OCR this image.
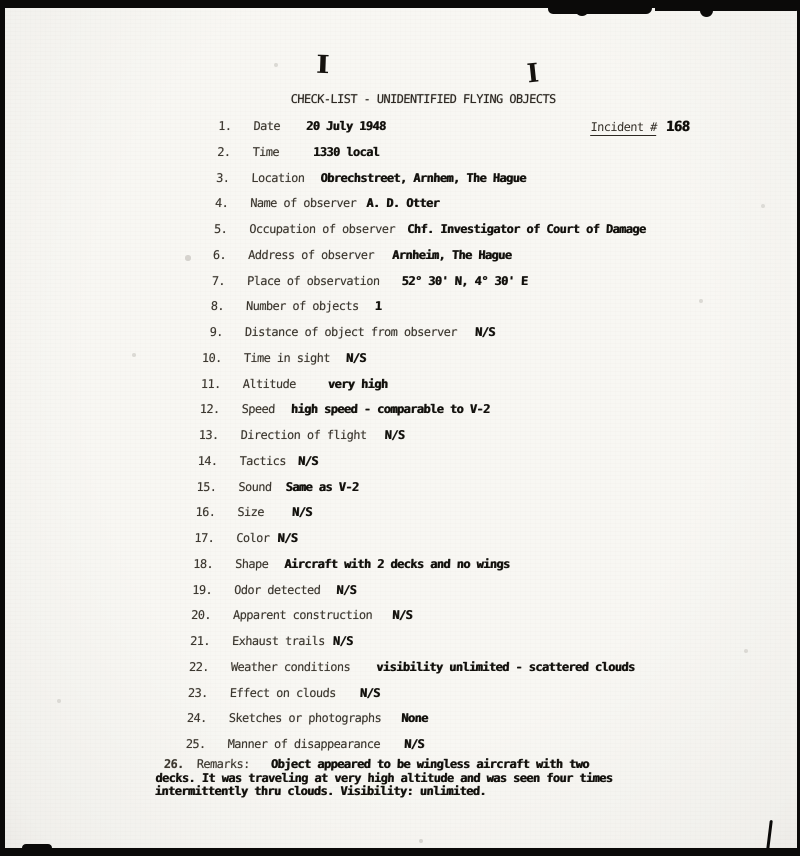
I	I
CHECK-LIST - UNIDENTIFIED FLYING OBJECTS
Incident # 168
1. Date 20 July 1948
2. Time	1330 local
3. Location Obrechstreet, Arnhem, The Hague
4. Name of observer A. D. Otter
5. Occupation of observer Chf. Investigator of Court of Damage
6. Address of observer Arnheim, The Hague
7. Place of observation 52° 30' N, 4° 30' E
8. Number of objects 1
9. Distance of object from observer N/S
10. Time in sight N/S
11. Altitude	very high
12. Speed high speed - comparable to V-2
13. Direction of flight N/S
14. Tactics N/S
15. Sound Same as V-2
16. Size N/S
17. Color N/S
18. Shape Aircraft with 2 decks and no wings
19. Odor detected N/S
20. Apparent construction N/S
21. Exhaust trails N/S
22. Weather conditions visibility unlimited - scattered clouds
23. Effect on clouds N/S
24. Sketches or photographs None
25. Manner of disappearance N/S
26. Remarks: Object appeared to be wingless aircraft with two
decks. It was traveling at very high altitude and was seen four times
intermittently thru clouds. Visibility: unlimited.
